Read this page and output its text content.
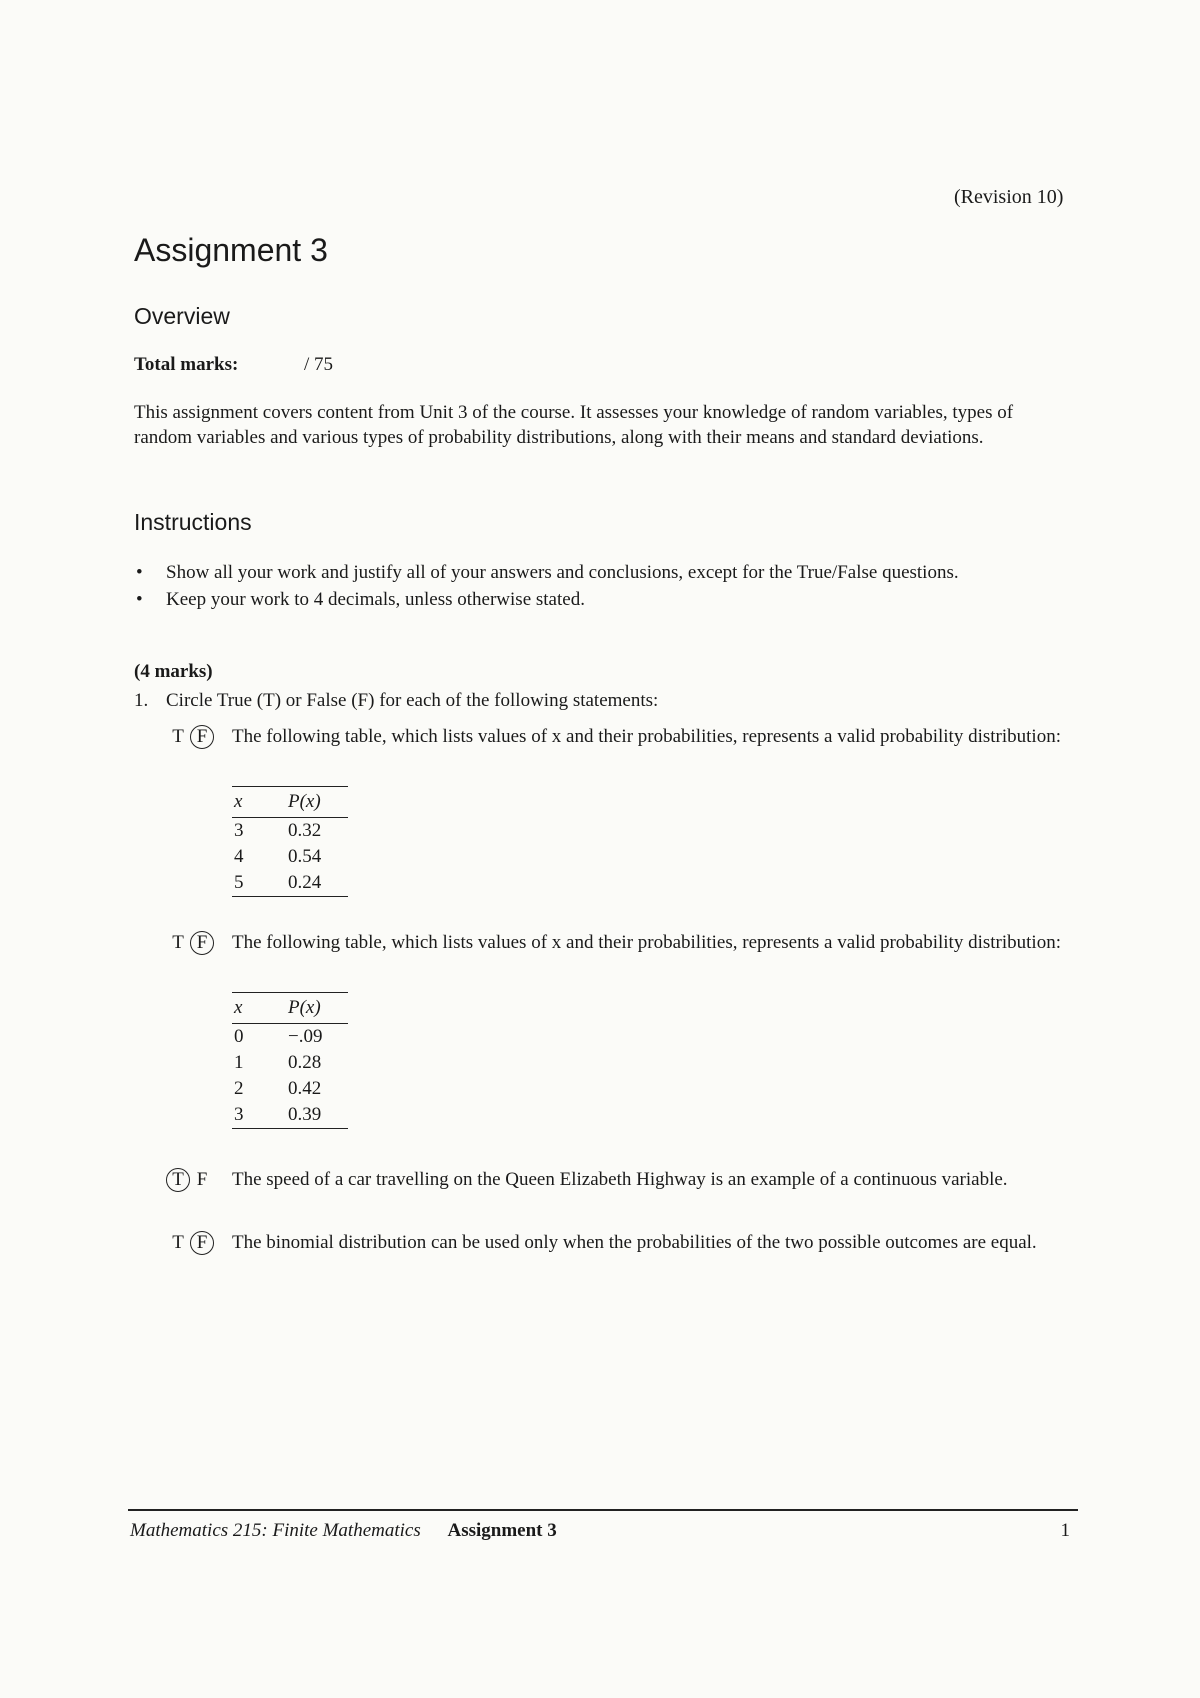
(Revision 10)
Assignment 3
Overview
Total marks:	/ 75

This assignment covers content from Unit 3 of the course. It assesses your knowledge of random variables, types of random variables and various types of probability distributions, along with their means and standard deviations.

Instructions
• Show all your work and justify all of your answers and conclusions, except for the True/False questions.
• Keep your work to 4 decimals, unless otherwise stated.
(4 marks)
1. Circle True (T) or False (F) for each of the following statements:
T F	The following table, which lists values of x and their probabilities, represents a valid probability distribution:
x	P(x)
3	0.32
4	0.54
5	0.24
T F	The following table, which lists values of x and their probabilities, represents a valid probability distribution:
x	P(x)
0	−.09
1	0.28
2	0.42
3	0.39
T F	The speed of a car travelling on the Queen Elizabeth Highway is an example of a continuous variable.
T F	The binomial distribution can be used only when the probabilities of the two possible outcomes are equal.
Mathematics 215: Finite Mathematics Assignment 3	1
